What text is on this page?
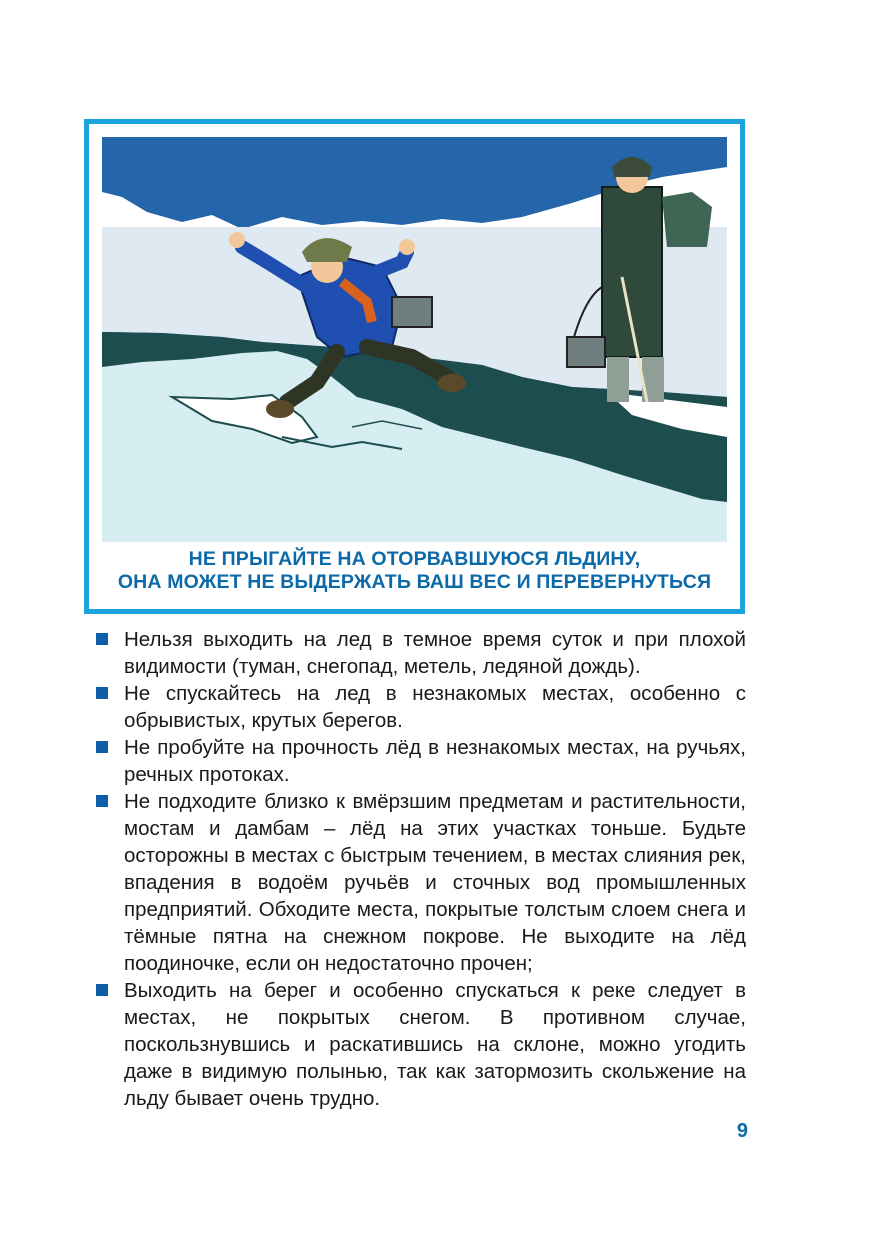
НЕ ПРЫГАЙТЕ НА ОТОРВАВШУЮСЯ ЛЬДИНУ,
ОНА МОЖЕТ НЕ ВЫДЕРЖАТЬ ВАШ ВЕС И ПЕРЕВЕРНУТЬСЯ
Нельзя выходить на лед в темное время суток и при плохой видимости (туман, снегопад, метель, ледяной дождь).
Не спускайтесь на лед в незнакомых местах, особенно с обрывистых, крутых берегов.
Не пробуйте на прочность лёд в незнакомых местах, на ручьях, речных протоках.
Не подходите близко к вмёрзшим предметам и растительности, мостам и дамбам – лёд на этих участках тоньше. Будьте осторожны в местах с быстрым течением, в местах слияния рек, впадения в водоём ручьёв и сточных вод промышленных предприятий. Обходите места, покрытые толстым слоем снега и тёмные пятна на снежном покрове. Не выходите на лёд поодиночке, если он недостаточно прочен;
Выходить на берег и особенно спускаться к реке следует в местах, не покрытых снегом. В противном случае, поскользнувшись и раскатившись на склоне, можно угодить даже в видимую полынью, так как затормозить скольжение на льду бывает очень трудно.
9
